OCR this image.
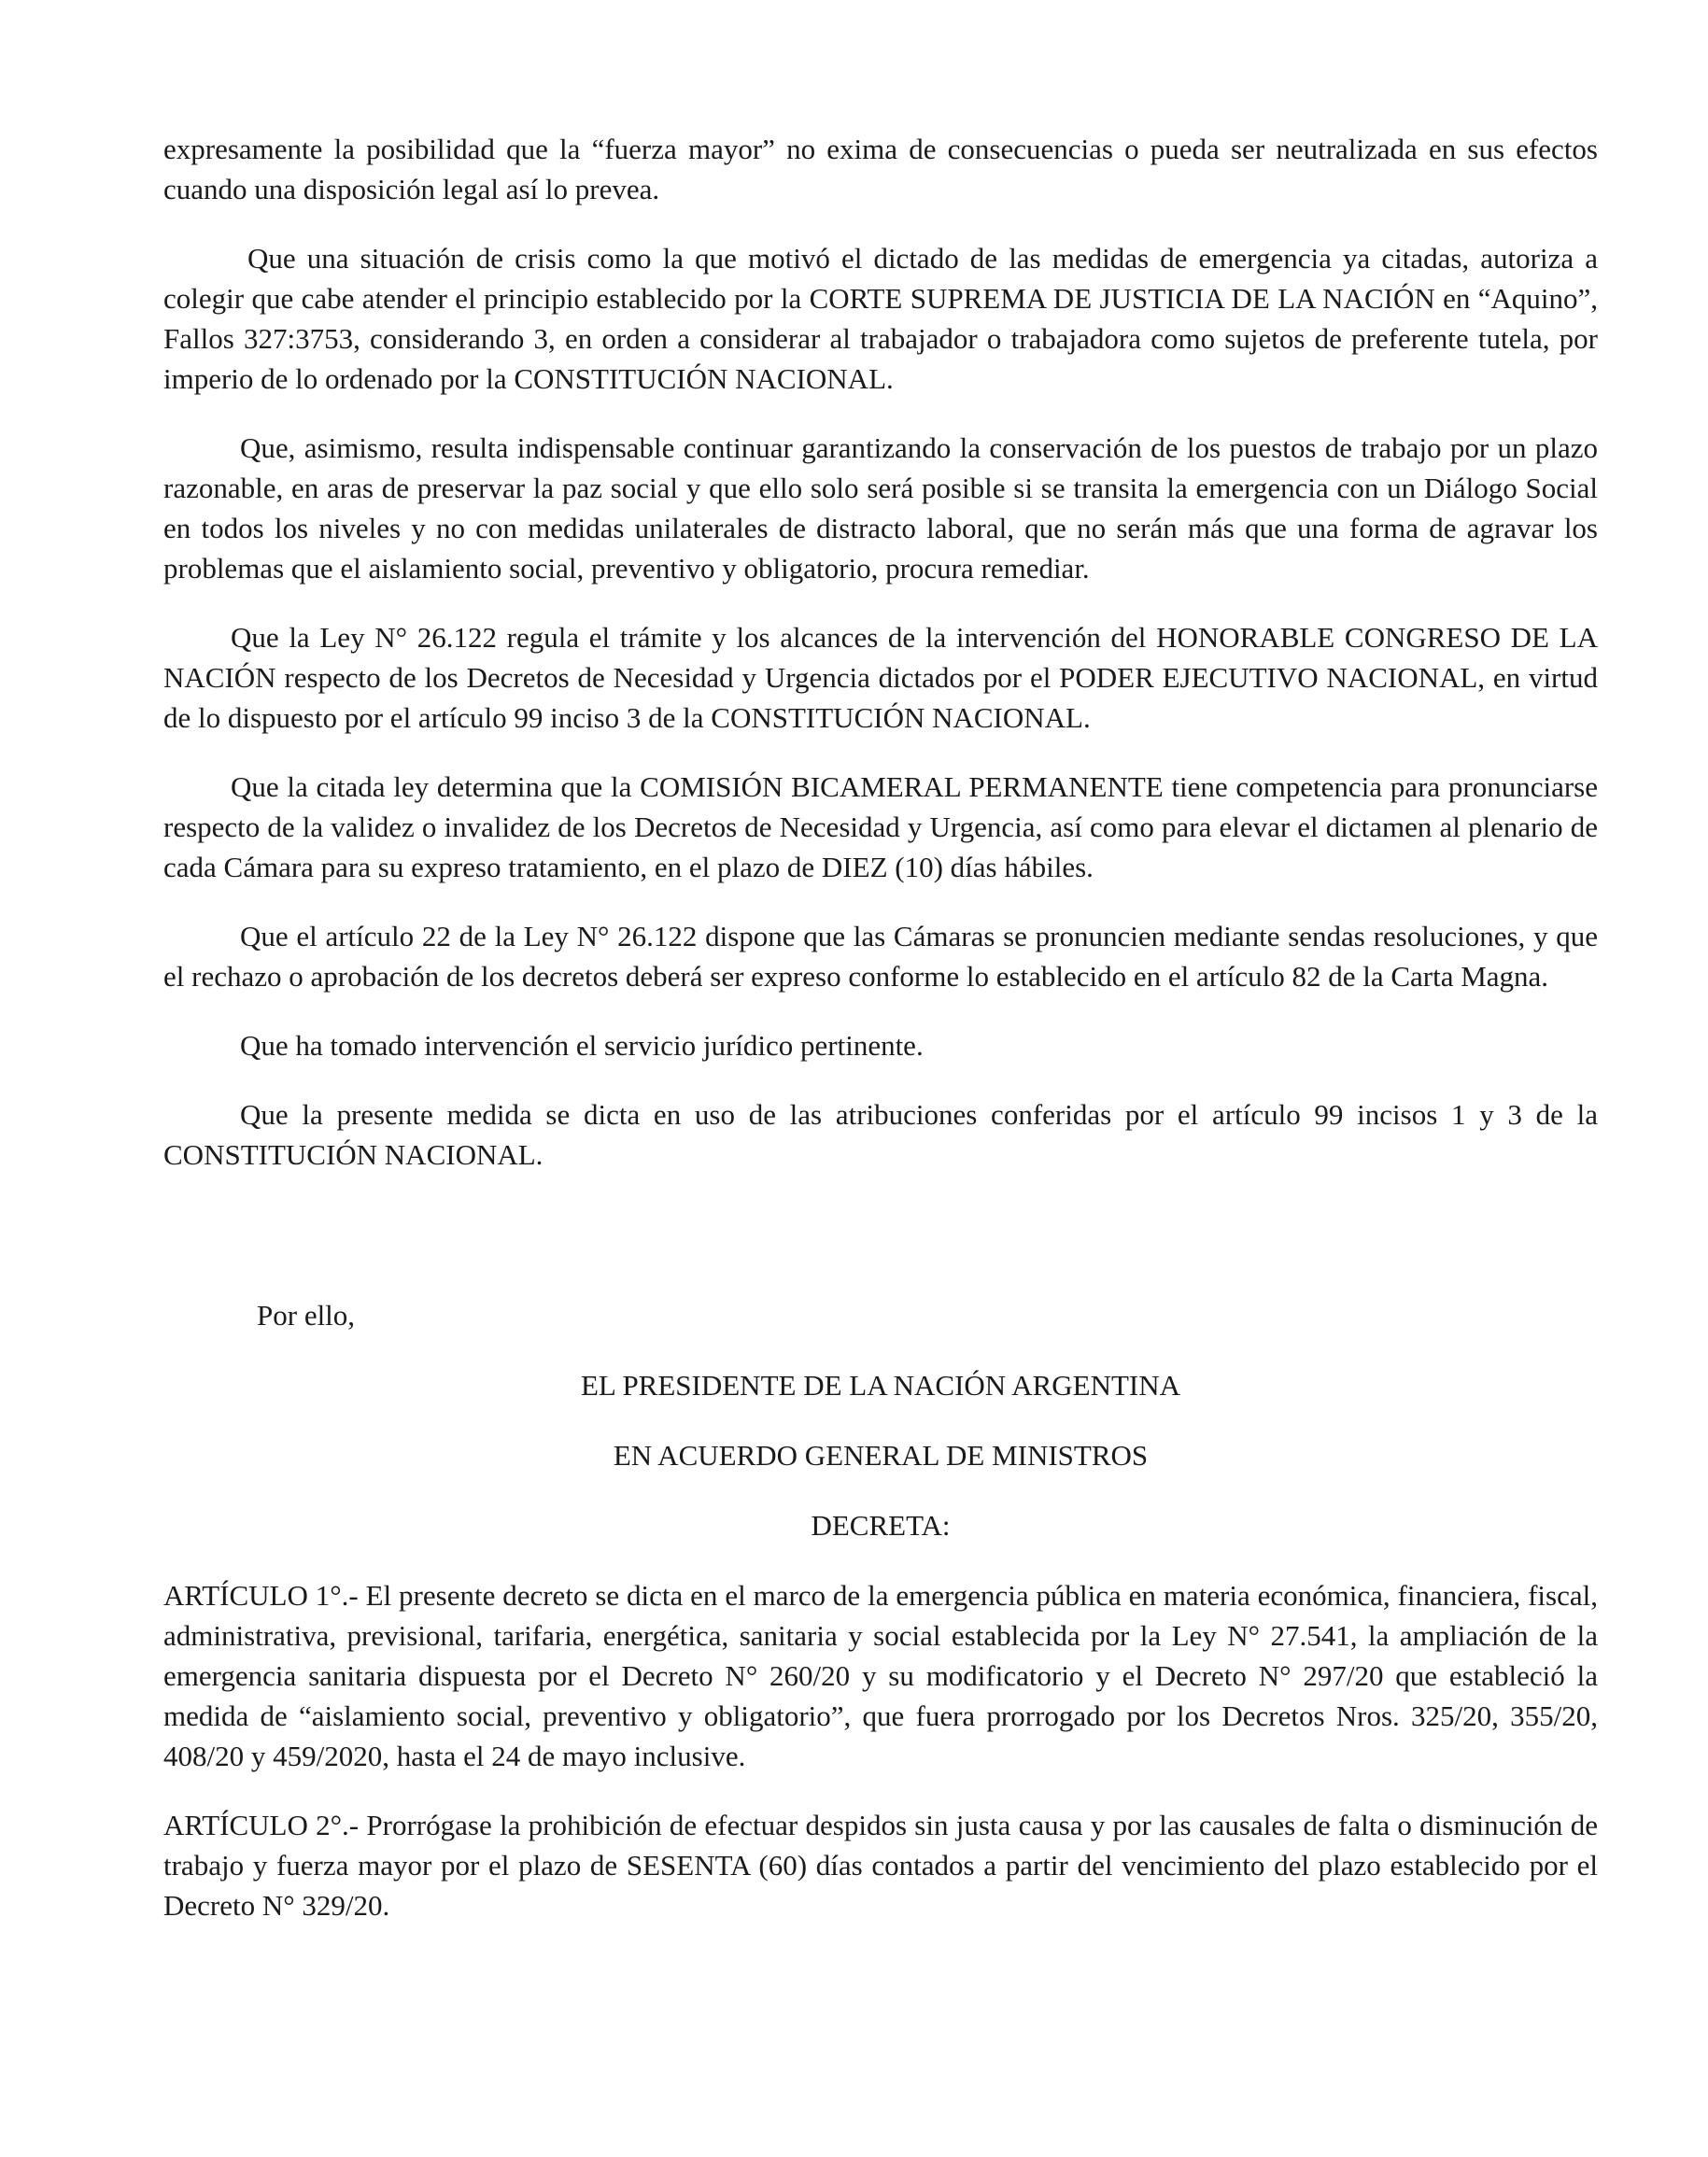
expresamente la posibilidad que la “fuerza mayor” no exima de consecuencias o pueda ser neutralizada en sus efectos cuando una disposición legal así lo prevea.

Que una situación de crisis como la que motivó el dictado de las medidas de emergencia ya citadas, autoriza a colegir que cabe atender el principio establecido por la CORTE SUPREMA DE JUSTICIA DE LA NACIÓN en “Aquino”, Fallos 327:3753, considerando 3, en orden a considerar al trabajador o trabajadora como sujetos de preferente tutela, por imperio de lo ordenado por la CONSTITUCIÓN NACIONAL.

Que, asimismo, resulta indispensable continuar garantizando la conservación de los puestos de trabajo por un plazo razonable, en aras de preservar la paz social y que ello solo será posible si se transita la emergencia con un Diálogo Social en todos los niveles y no con medidas unilaterales de distracto laboral, que no serán más que una forma de agravar los problemas que el aislamiento social, preventivo y obligatorio, procura remediar.

Que la Ley N° 26.122 regula el trámite y los alcances de la intervención del HONORABLE CONGRESO DE LA NACIÓN respecto de los Decretos de Necesidad y Urgencia dictados por el PODER EJECUTIVO NACIONAL, en virtud de lo dispuesto por el artículo 99 inciso 3 de la CONSTITUCIÓN NACIONAL.

Que la citada ley determina que la COMISIÓN BICAMERAL PERMANENTE tiene competencia para pronunciarse respecto de la validez o invalidez de los Decretos de Necesidad y Urgencia, así como para elevar el dictamen al plenario de cada Cámara para su expreso tratamiento, en el plazo de DIEZ (10) días hábiles.

Que el artículo 22 de la Ley N° 26.122 dispone que las Cámaras se pronuncien mediante sendas resoluciones, y que el rechazo o aprobación de los decretos deberá ser expreso conforme lo establecido en el artículo 82 de la Carta Magna.

Que ha tomado intervención el servicio jurídico pertinente.

Que la presente medida se dicta en uso de las atribuciones conferidas por el artículo 99 incisos 1 y 3 de la CONSTITUCIÓN NACIONAL.

Por ello,

EL PRESIDENTE DE LA NACIÓN ARGENTINA

EN ACUERDO GENERAL DE MINISTROS

DECRETA:

ARTÍCULO 1°.- El presente decreto se dicta en el marco de la emergencia pública en materia económica, financiera, fiscal, administrativa, previsional, tarifaria, energética, sanitaria y social establecida por la Ley N° 27.541, la ampliación de la emergencia sanitaria dispuesta por el Decreto N° 260/20 y su modificatorio y el Decreto N° 297/20 que estableció la medida de “aislamiento social, preventivo y obligatorio”, que fuera prorrogado por los Decretos Nros. 325/20, 355/20, 408/20 y 459/2020, hasta el 24 de mayo inclusive.

ARTÍCULO 2°.- Prorrógase la prohibición de efectuar despidos sin justa causa y por las causales de falta o disminución de trabajo y fuerza mayor por el plazo de SESENTA (60) días contados a partir del vencimiento del plazo establecido por el Decreto N° 329/20.
